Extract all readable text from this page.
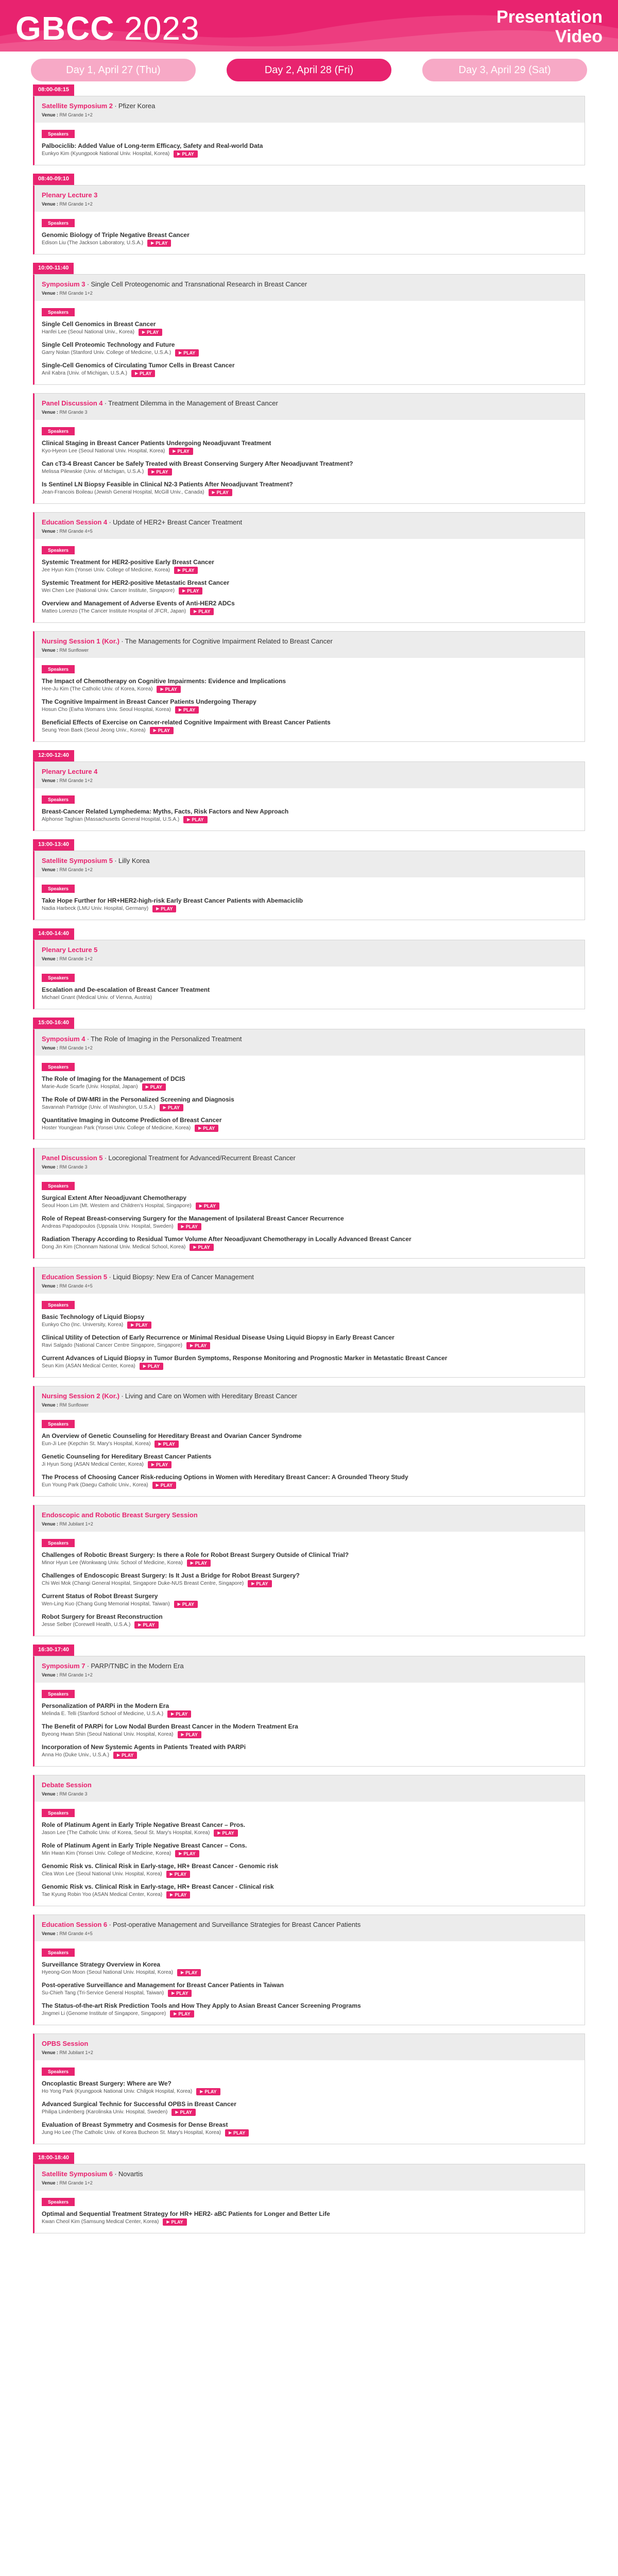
GBCC 2023	Presentation
Video
Day 1, April 27 (Thu)	Day 2, April 28 (Fri)	Day 3, April 29 (Sat)
08:00-08:15
Satellite Symposium 2 ∙ Pfizer Korea
Venue : RM Grande 1+2
Speakers
Palbociclib: Added Value of Long-term Efficacy, Safety and Real-world Data
Eunkyo Kim (Kyungpook National Univ. Hospital, Korea) ▶ PLAY
08:40-09:10
Plenary Lecture 3
Venue : RM Grande 1+2
Speakers
Genomic Biology of Triple Negative Breast Cancer
Edison Liu (The Jackson Laboratory, U.S.A.) ▶ PLAY
10:00-11:40
Symposium 3 ∙ Single Cell Proteogenomic and Transnational Research in Breast Cancer
Venue : RM Grande 1+2
Speakers
Single Cell Genomics in Breast Cancer
Hanfei Lee (Seoul National Univ., Korea) ▶ PLAY
Single Cell Proteomic Technology and Future
Garry Nolan (Stanford Univ. College of Medicine, U.S.A.) ▶ PLAY
Single-Cell Genomics of Circulating Tumor Cells in Breast Cancer
Anil Kabra (Univ. of Michigan, U.S.A.) ▶ PLAY
Panel Discussion 4 ∙ Treatment Dilemma in the Management of Breast Cancer
Venue : RM Grande 3
Speakers
Clinical Staging in Breast Cancer Patients Undergoing Neoadjuvant Treatment
Kyo-Hyeon Lee (Seoul National Univ. Hospital, Korea) ▶ PLAY
Can cT3-4 Breast Cancer be Safely Treated with Breast Conserving Surgery After Neoadjuvant Treatment?
Melissa Pilewskie (Univ. of Michigan, U.S.A.) ▶ PLAY
Is Sentinel LN Biopsy Feasible in Clinical N2-3 Patients After Neoadjuvant Treatment?
Jean-Francois Boileau (Jewish General Hospital, McGill Univ., Canada) ▶ PLAY
Education Session 4 ∙ Update of HER2+ Breast Cancer Treatment
Venue : RM Grande 4+5
Speakers
Systemic Treatment for HER2-positive Early Breast Cancer
Jee Hyun Kim (Yonsei Univ. College of Medicine, Korea) ▶ PLAY
Systemic Treatment for HER2-positive Metastatic Breast Cancer
Wei Chen Lee (National Univ. Cancer Institute, Singapore) ▶ PLAY
Overview and Management of Adverse Events of Anti-HER2 ADCs
Matteo Lorenzo (The Cancer Institute Hospital of JFCR, Japan) ▶ PLAY
Nursing Session 1 (Kor.) ∙ The Managements for Cognitive Impairment Related to Breast Cancer
Venue : RM Sunflower
Speakers
The Impact of Chemotherapy on Cognitive Impairments: Evidence and Implications
Hee-Ju Kim (The Catholic Univ. of Korea, Korea) ▶ PLAY
The Cognitive Impairment in Breast Cancer Patients Undergoing Therapy
Hosun Cho (Ewha Womans Univ. Seoul Hospital, Korea) ▶ PLAY
Beneficial Effects of Exercise on Cancer-related Cognitive Impairment with Breast Cancer Patients
Seung Yeon Baek (Seoul Jeong Univ., Korea) ▶ PLAY
12:00-12:40
Plenary Lecture 4
Venue : RM Grande 1+2
Speakers
Breast-Cancer Related Lymphedema: Myths, Facts, Risk Factors and New Approach
Alphonse Taghian (Massachusetts General Hospital, U.S.A.) ▶ PLAY
13:00-13:40
Satellite Symposium 5 ∙ Lilly Korea
Venue : RM Grande 1+2
Speakers
Take Hope Further for HR+HER2-high-risk Early Breast Cancer Patients with Abemaciclib
Nadia Harbeck (LMU Univ. Hospital, Germany) ▶ PLAY
14:00-14:40
Plenary Lecture 5
Venue : RM Grande 1+2
Speakers
Escalation and De-escalation of Breast Cancer Treatment
Michael Gnant (Medical Univ. of Vienna, Austria)
15:00-16:40
Symposium 4 ∙ The Role of Imaging in the Personalized Treatment
Venue : RM Grande 1+2
Speakers
The Role of Imaging for the Management of DCIS
Marie-Aude Scarfe (Univ. Hospital, Japan) ▶ PLAY
The Role of DW-MRI in the Personalized Screening and Diagnosis
Savannah Partridge (Univ. of Washington, U.S.A.) ▶ PLAY
Quantitative Imaging in Outcome Prediction of Breast Cancer
Hoster Youngjean Park (Yonsei Univ. College of Medicine, Korea) ▶ PLAY
Panel Discussion 5 ∙ Locoregional Treatment for Advanced/Recurrent Breast Cancer
Venue : RM Grande 3
Speakers
Surgical Extent After Neoadjuvant Chemotherapy
Seoul Hoon Lim (Mt. Western and Children's Hospital, Singapore) ▶ PLAY
Role of Repeat Breast-conserving Surgery for the Management of Ipsilateral Breast Cancer Recurrence
Andreas Papadopoulos (Uppsala Univ. Hospital, Sweden) ▶ PLAY
Radiation Therapy According to Residual Tumor Volume After Neoadjuvant Chemotherapy in Locally Advanced Breast Cancer
Dong Jin Kim (Chonnam National Univ. Medical School, Korea) ▶ PLAY
Education Session 5 ∙ Liquid Biopsy: New Era of Cancer Management
Venue : RM Grande 4+5
Speakers
Basic Technology of Liquid Biopsy
Eunkyo Cho (Inc. University, Korea) ▶ PLAY
Clinical Utility of Detection of Early Recurrence or Minimal Residual Disease Using Liquid Biopsy in Early Breast Cancer
Ravi Salgado (National Cancer Centre Singapore, Singapore) ▶ PLAY
Current Advances of Liquid Biopsy in Tumor Burden Symptoms, Response Monitoring and Prognostic Marker in Metastatic Breast Cancer
Seun Kim (ASAN Medical Center, Korea) ▶ PLAY
Nursing Session 2 (Kor.) ∙ Living and Care on Women with Hereditary Breast Cancer
Venue : RM Sunflower
Speakers
An Overview of Genetic Counseling for Hereditary Breast and Ovarian Cancer Syndrome
Eun-Ji Lee (Kepchin St. Mary's Hospital, Korea) ▶ PLAY
Genetic Counseling for Hereditary Breast Cancer Patients
Ji Hyun Song (ASAN Medical Center, Korea) ▶ PLAY
The Process of Choosing Cancer Risk-reducing Options in Women with Hereditary Breast Cancer: A Grounded Theory Study
Eun Young Park (Daegu Catholic Univ., Korea) ▶ PLAY
Endoscopic and Robotic Breast Surgery Session
Venue : RM Jubilant 1+2
Speakers
Challenges of Robotic Breast Surgery: Is there a Role for Robot Breast Surgery Outside of Clinical Trial?
Minor Hyun Lee (Wonkwang Univ. School of Medicine, Korea) ▶ PLAY
Challenges of Endoscopic Breast Surgery: Is It Just a Bridge for Robot Breast Surgery?
Chi Wei Mok (Changi General Hospital, Singapore Duke-NUS Breast Centre, Singapore) ▶ PLAY
Current Status of Robot Breast Surgery
Wen-Ling Kuo (Chang Gung Memorial Hospital, Taiwan) ▶ PLAY
Robot Surgery for Breast Reconstruction
Jesse Selber (Corewell Health, U.S.A.) ▶ PLAY
16:30-17:40
Symposium 7 ∙ PARP/TNBC in the Modern Era
Venue : RM Grande 1+2
Speakers
Personalization of PARPi in the Modern Era
Melinda E. Telli (Stanford School of Medicine, U.S.A.) ▶ PLAY
The Benefit of PARPi for Low Nodal Burden Breast Cancer in the Modern Treatment Era
Byeong Hwan Shin (Seoul National Univ. Hospital, Korea) ▶ PLAY
Incorporation of New Systemic Agents in Patients Treated with PARPi
Anna Ho (Duke Univ., U.S.A.) ▶ PLAY
Debate Session
Venue : RM Grande 3
Speakers
Role of Platinum Agent in Early Triple Negative Breast Cancer – Pros.
Jason Lee (The Catholic Univ. of Korea, Seoul St. Mary's Hospital, Korea) ▶ PLAY
Role of Platinum Agent in Early Triple Negative Breast Cancer – Cons.
Min Hwan Kim (Yonsei Univ. College of Medicine, Korea) ▶ PLAY
Genomic Risk vs. Clinical Risk in Early-stage, HR+ Breast Cancer - Genomic risk
Clea Won Lee (Seoul National Univ. Hospital, Korea) ▶ PLAY
Genomic Risk vs. Clinical Risk in Early-stage, HR+ Breast Cancer - Clinical risk
Tae Kyung Robin Yoo (ASAN Medical Center, Korea) ▶ PLAY
Education Session 6 ∙ Post-operative Management and Surveillance Strategies for Breast Cancer Patients
Venue : RM Grande 4+5
Speakers
Surveillance Strategy Overview in Korea
Hyeong-Gon Moon (Seoul National Univ. Hospital, Korea) ▶ PLAY
Post-operative Surveillance and Management for Breast Cancer Patients in Taiwan
Su-Chieh Tang (Tri-Service General Hospital, Taiwan) ▶ PLAY
The Status-of-the-art Risk Prediction Tools and How They Apply to Asian Breast Cancer Screening Programs
Jingmei Li (Genome Institute of Singapore, Singapore) ▶ PLAY
OPBS Session
Venue : RM Jubilant 1+2
Speakers
Oncoplastic Breast Surgery: Where are We?
Ho Yong Park (Kyungpook National Univ. Chilgok Hospital, Korea) ▶ PLAY
Advanced Surgical Technic for Successful OPBS in Breast Cancer
Philipa Lindenberg (Karolinska Univ. Hospital, Sweden) ▶ PLAY
Evaluation of Breast Symmetry and Cosmesis for Dense Breast
Jung Ho Lee (The Catholic Univ. of Korea Bucheon St. Mary's Hospital, Korea) ▶ PLAY
18:00-18:40
Satellite Symposium 6 ∙ Novartis
Venue : RM Grande 1+2
Speakers
Optimal and Sequential Treatment Strategy for HR+ HER2- aBC Patients for Longer and Better Life
Kwan Cheol Kim (Samsung Medical Center, Korea) ▶ PLAY
